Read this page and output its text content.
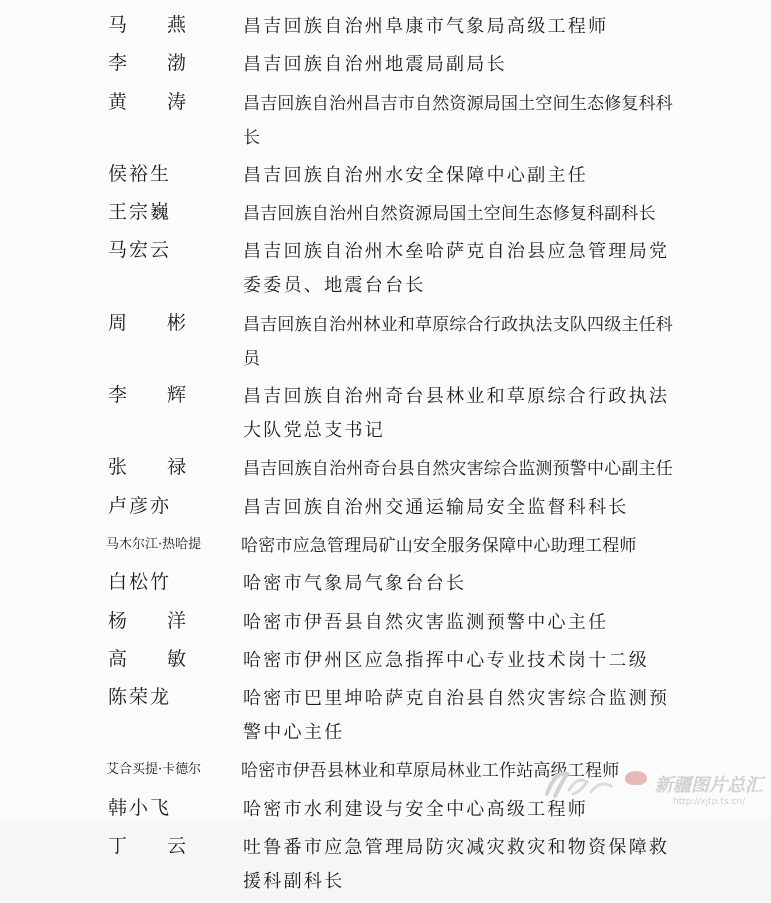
马 燕	昌吉回族自治州阜康市气象局高级工程师
李 渤	昌吉回族自治州地震局副局长
黄 涛	昌吉回族自治州昌吉市自然资源局国土空间生态修复科科长
侯裕生	昌吉回族自治州水安全保障中心副主任
王宗巍	昌吉回族自治州自然资源局国土空间生态修复科副科长
马宏云	昌吉回族自治州木垒哈萨克自治县应急管理局党委委员、地震台台长
周 彬	昌吉回族自治州林业和草原综合行政执法支队四级主任科员
李 辉	昌吉回族自治州奇台县林业和草原综合行政执法大队党总支书记
张 禄	昌吉回族自治州奇台县自然灾害综合监测预警中心副主任
卢彦亦	昌吉回族自治州交通运输局安全监督科科长
马木尔江·热哈提	哈密市应急管理局矿山安全服务保障中心助理工程师
白松竹	哈密市气象局气象台台长
杨 洋	哈密市伊吾县自然灾害监测预警中心主任
高 敏	哈密市伊州区应急指挥中心专业技术岗十二级
陈荣龙	哈密市巴里坤哈萨克自治县自然灾害综合监测预警中心主任
艾合买提·卡德尔	哈密市伊吾县林业和草原局林业工作站高级工程师
韩小飞	哈密市水利建设与安全中心高级工程师
丁 云	吐鲁番市应急管理局防灾减灾救灾和物资保障救援科副科长
新疆图片总汇
http://xjtp.ts.cn/
